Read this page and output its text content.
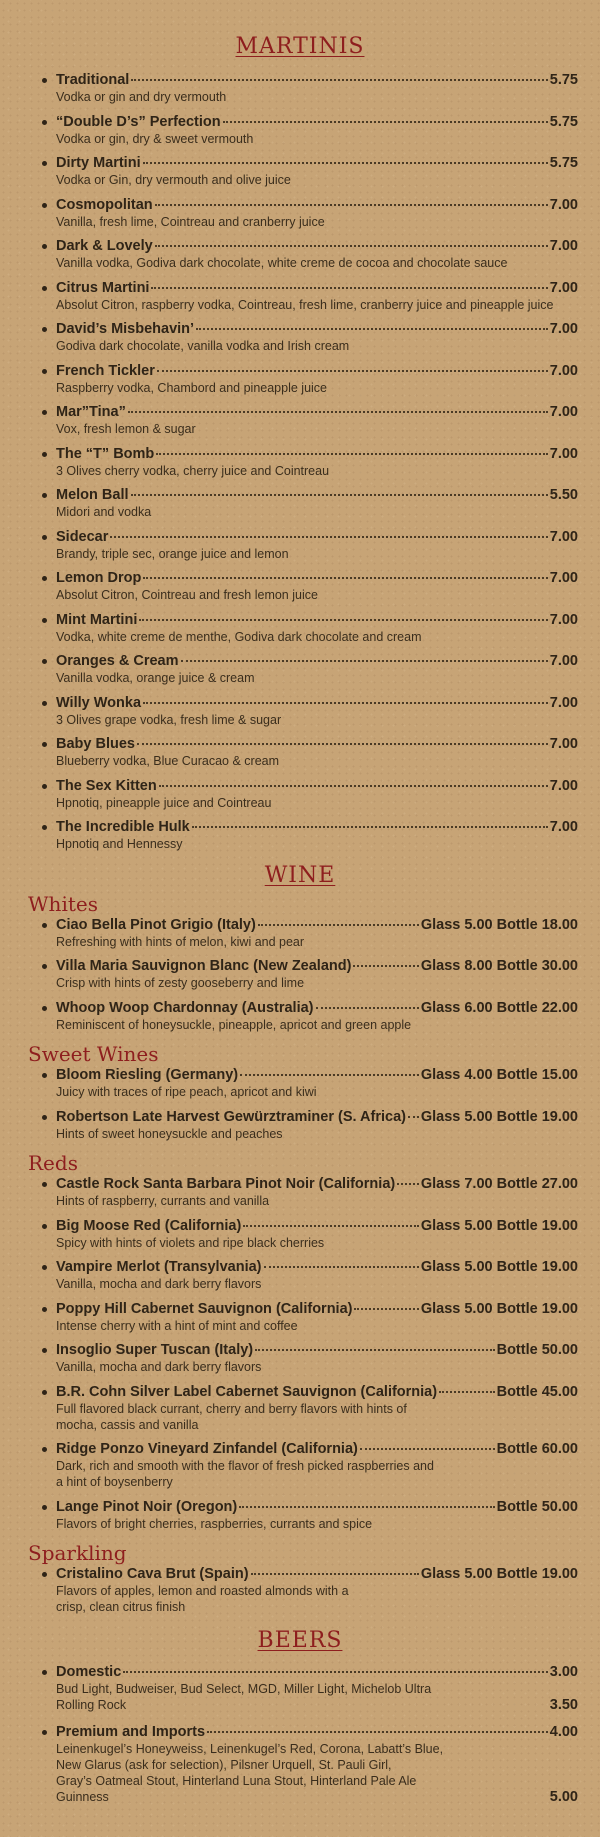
MARTINIS
Traditional	5.75
Vodka or gin and dry vermouth
“Double D’s” Perfection	5.75
Vodka or gin, dry & sweet vermouth
Dirty Martini	5.75
Vodka or Gin, dry vermouth and olive juice
Cosmopolitan	7.00
Vanilla, fresh lime, Cointreau and cranberry juice
Dark & Lovely	7.00
Vanilla vodka, Godiva dark chocolate, white creme de cocoa and chocolate sauce
Citrus Martini	7.00
Absolut Citron, raspberry vodka, Cointreau, fresh lime, cranberry juice and pineapple juice
David’s Misbehavin’	7.00
Godiva dark chocolate, vanilla vodka and Irish cream
French Tickler	7.00
Raspberry vodka, Chambord and pineapple juice
Mar”Tina”	7.00
Vox, fresh lemon & sugar
The “T” Bomb	7.00
3 Olives cherry vodka, cherry juice and Cointreau
Melon Ball	5.50
Midori and vodka
Sidecar	7.00
Brandy, triple sec, orange juice and lemon
Lemon Drop	7.00
Absolut Citron, Cointreau and fresh lemon juice
Mint Martini	7.00
Vodka, white creme de menthe, Godiva dark chocolate and cream
Oranges & Cream	7.00
Vanilla vodka, orange juice & cream
Willy Wonka	7.00
3 Olives grape vodka, fresh lime & sugar
Baby Blues	7.00
Blueberry vodka, Blue Curacao & cream
The Sex Kitten	7.00
Hpnotiq, pineapple juice and Cointreau
The Incredible Hulk	7.00
Hpnotiq and Hennessy
WINE
Whites
Ciao Bella Pinot Grigio (Italy)	Glass 5.00 Bottle 18.00
Refreshing with hints of melon, kiwi and pear
Villa Maria Sauvignon Blanc (New Zealand)	Glass 8.00 Bottle 30.00
Crisp with hints of zesty gooseberry and lime
Whoop Woop Chardonnay (Australia)	Glass 6.00 Bottle 22.00
Reminiscent of honeysuckle, pineapple, apricot and green apple
Sweet Wines
Bloom Riesling (Germany)	Glass 4.00 Bottle 15.00
Juicy with traces of ripe peach, apricot and kiwi
Robertson Late Harvest Gewürztraminer (S. Africa) Glass 5.00 Bottle 19.00
Hints of sweet honeysuckle and peaches
Reds
Castle Rock Santa Barbara Pinot Noir (California) Glass 7.00 Bottle 27.00
Hints of raspberry, currants and vanilla
Big Moose Red (California)	Glass 5.00 Bottle 19.00
Spicy with hints of violets and ripe black cherries
Vampire Merlot (Transylvania)	Glass 5.00 Bottle 19.00
Vanilla, mocha and dark berry flavors
Poppy Hill Cabernet Sauvignon (California)	Glass 5.00 Bottle 19.00
Intense cherry with a hint of mint and coffee
Insoglio Super Tuscan (Italy)	Bottle 50.00
Vanilla, mocha and dark berry flavors
B.R. Cohn Silver Label Cabernet Sauvignon (California)	Bottle 45.00
Full flavored black currant, cherry and berry flavors with hints of
mocha, cassis and vanilla
Ridge Ponzo Vineyard Zinfandel (California)	Bottle 60.00
Dark, rich and smooth with the flavor of fresh picked raspberries and
a hint of boysenberry
Lange Pinot Noir (Oregon)	Bottle 50.00
Flavors of bright cherries, raspberries, currants and spice
Sparkling
Cristalino Cava Brut (Spain)	Glass 5.00 Bottle 19.00
Flavors of apples, lemon and roasted almonds with a
crisp, clean citrus finish
BEERS
Domestic	3.00
Bud Light, Budweiser, Bud Select, MGD, Miller Light, Michelob Ultra
Rolling Rock	3.50
Premium and Imports	4.00
Leinenkugel’s Honeyweiss, Leinenkugel’s Red, Corona, Labatt’s Blue,
New Glarus (ask for selection), Pilsner Urquell, St. Pauli Girl,
Gray’s Oatmeal Stout, Hinterland Luna Stout, Hinterland Pale Ale
Guinness	5.00
